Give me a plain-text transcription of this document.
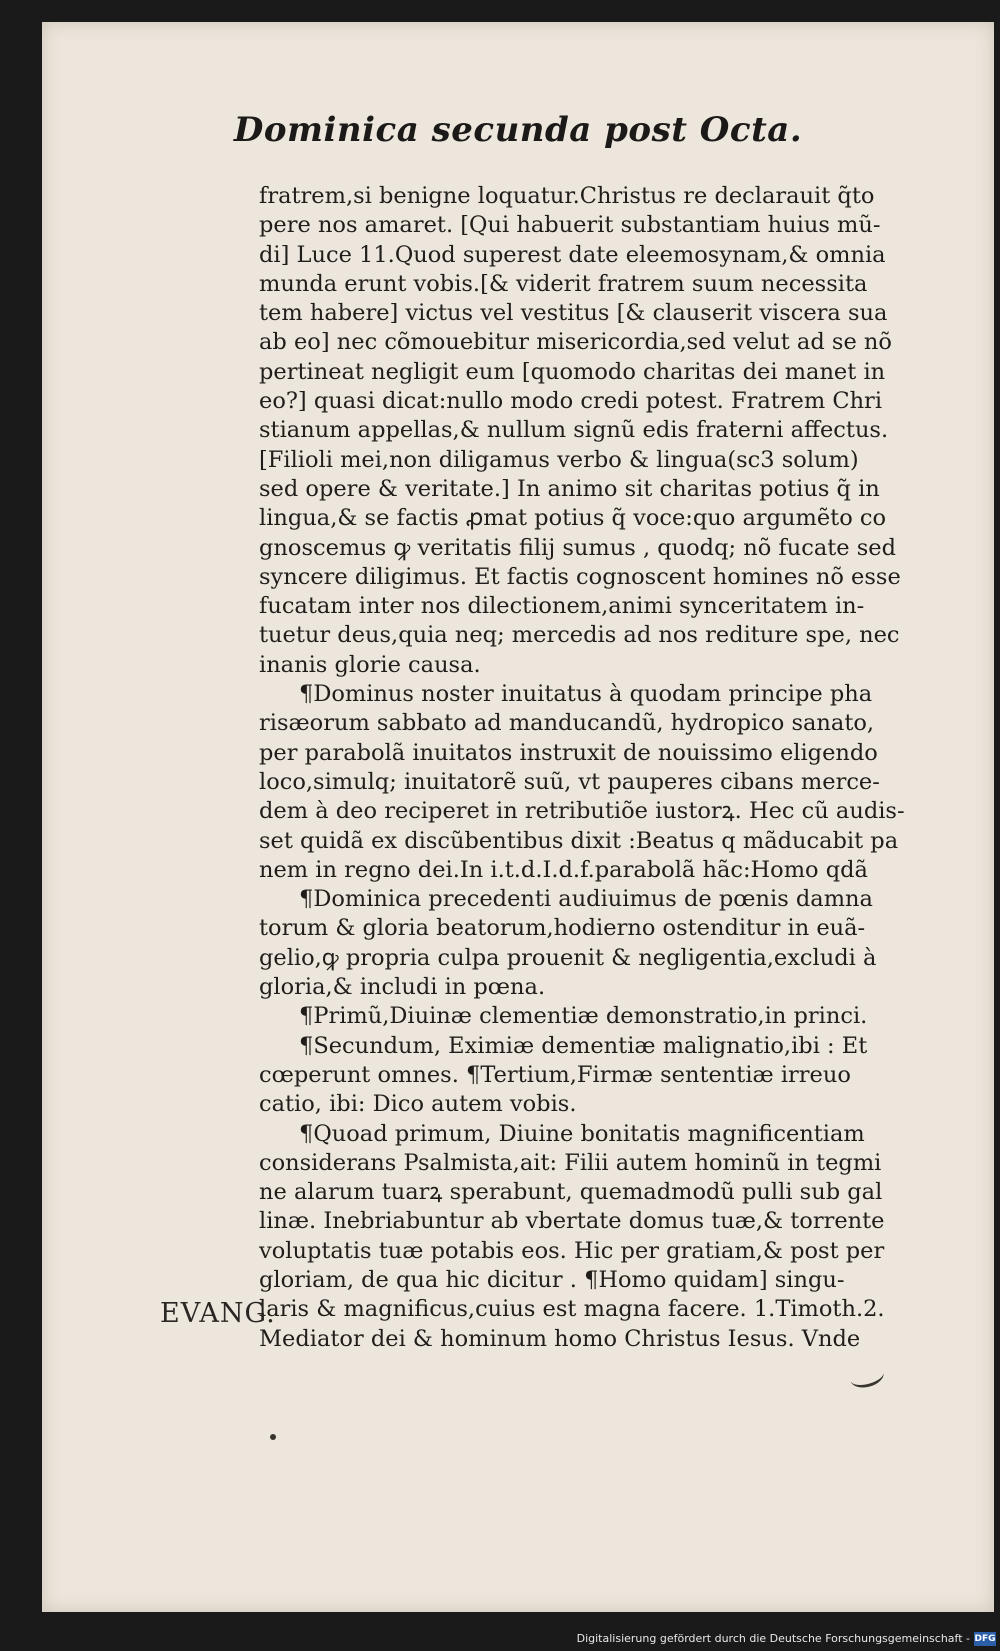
Dominica secunda post Octa.
fratrem,si benigne loquatur.Christus re declarauit q̃to
pere nos amaret. [Qui habuerit substantiam huius mũ-
di] Luce 11.Quod superest date eleemosynam,& omnia
munda erunt vobis.[& viderit fratrem suum necessita
tem habere] victus vel vestitus [& clauserit viscera sua
ab eo] nec cõmouebitur misericordia,sed velut ad se nõ
pertineat negligit eum [quomodo charitas dei manet in
eo?] quasi dicat:nullo modo credi potest. Fratrem Chri
stianum appellas,& nullum signũ edis fraterni affectus.
[Filioli mei,non diligamus verbo & lingua(sc3 solum)
sed opere & veritate.] In animo sit charitas potius q̃ in
lingua,& se factis ꝓmat potius q̃ voce:quo argumẽto co
gnoscemus ꝙ veritatis filij sumus , quodq; nõ fucate sed
syncere diligimus. Et factis cognoscent homines nõ esse
fucatam inter nos dilectionem,animi synceritatem in-
tuetur deus,quia neq; mercedis ad nos rediture spe, nec
inanis glorie causa.
¶Dominus noster inuitatus à quodam principe pha
risæorum sabbato ad manducandũ, hydropico sanato,
per parabolã inuitatos instruxit de nouissimo eligendo
loco,simulq; inuitatorẽ suũ, vt pauperes cibans merce-
dem à deo reciperet in retributiõe iustorꝝ. Hec cũ audis-
set quidã ex discũbentibus dixit :Beatus q mãducabit pa
nem in regno dei.In i.t.d.I.d.f.parabolã hãc:Homo qdã
¶Dominica precedenti audiuimus de pœnis damna
torum & gloria beatorum,hodierno ostenditur in euã-
gelio,ꝙ propria culpa prouenit & negligentia,excludi à
gloria,& includi in pœna.
¶Primũ,Diuinæ clementiæ demonstratio,in princi.
¶Secundum, Eximiæ dementiæ malignatio,ibi : Et
cœperunt omnes. ¶Tertium,Firmæ sententiæ irreuo
catio, ibi: Dico autem vobis.
¶Quoad primum, Diuine bonitatis magnificentiam
considerans Psalmista,ait: Filii autem hominũ in tegmi
ne alarum tuarꝝ sperabunt, quemadmodũ pulli sub gal
linæ. Inebriabuntur ab vbertate domus tuæ,& torrente
voluptatis tuæ potabis eos. Hic per gratiam,& post per
gloriam, de qua hic dicitur . ¶Homo quidam] singu-
laris & magnificus,cuius est magna facere. 1.Timoth.2.
Mediator dei & hominum homo Christus Iesus. Vnde
EVANG.
Digitalisierung gefördert durch die Deutsche Forschungsgemeinschaft - DFG
